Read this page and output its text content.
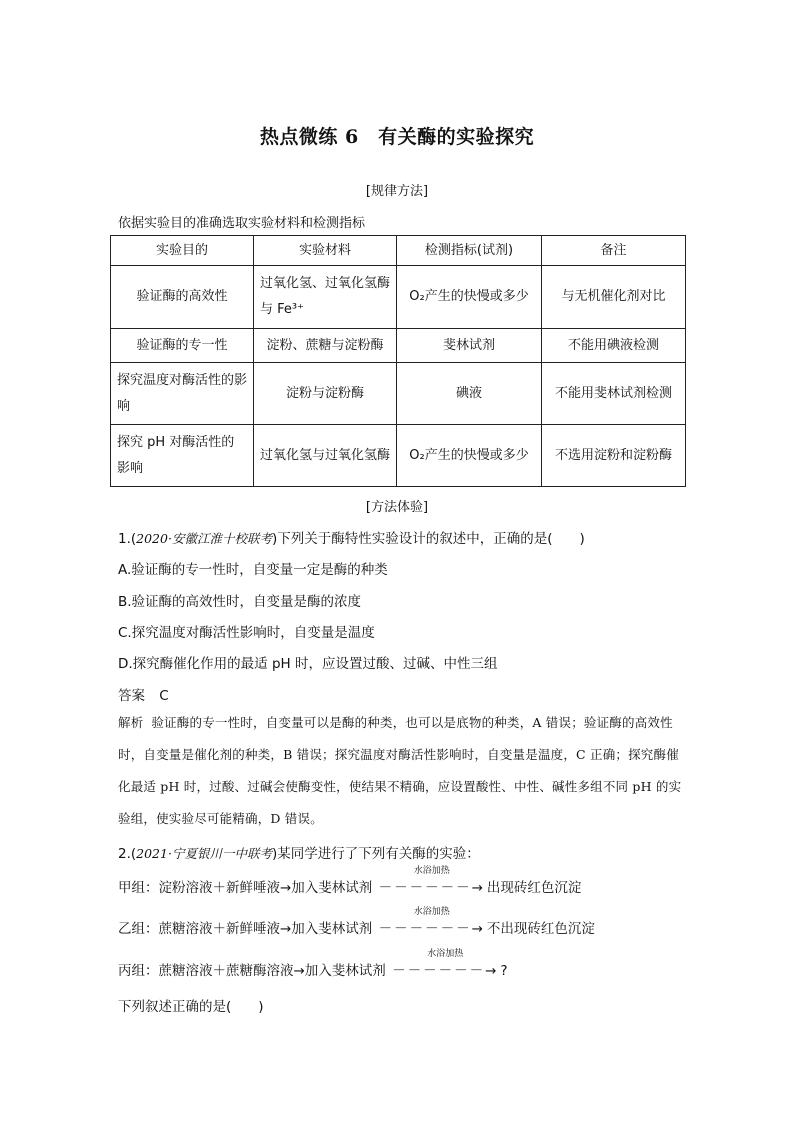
热点微练 6　有关酶的实验探究
[规律方法]
依据实验目的准确选取实验材料和检测指标
实验目的	实验材料	检测指标(试剂)	备注
验证酶的高效性	过氧化氢、过氧化氢酶与 Fe³⁺	O₂产生的快慢或多少	与无机催化剂对比
验证酶的专一性	淀粉、蔗糖与淀粉酶	斐林试剂	不能用碘液检测
探究温度对酶活性的影响	淀粉与淀粉酶	碘液	不能用斐林试剂检测
探究 pH 对酶活性的影响	过氧化氢与过氧化氢酶	O₂产生的快慢或多少	不选用淀粉和淀粉酶
[方法体验]
1.(2020·安徽江淮十校联考)下列关于酶特性实验设计的叙述中，正确的是(　　)
A.验证酶的专一性时，自变量一定是酶的种类
B.验证酶的高效性时，自变量是酶的浓度
C.探究温度对酶活性影响时，自变量是温度
D.探究酶催化作用的最适 pH 时，应设置过酸、过碱、中性三组
答案 C
解析 验证酶的专一性时，自变量可以是酶的种类，也可以是底物的种类，A 错误；验证酶的高效性时，自变量是催化剂的种类，B 错误；探究温度对酶活性影响时，自变量是温度，C 正确；探究酶催化最适 pH 时，过酸、过碱会使酶变性，使结果不精确，应设置酸性、中性、碱性多组不同 pH 的实验组，使实验尽可能精确，D 错误。
2.(2021·宁夏银川一中联考)某同学进行了下列有关酶的实验：
甲组：淀粉溶液＋新鲜唾液→加入斐林试剂
水浴加热
－－－－－－→ 出现砖红色沉淀
乙组：蔗糖溶液＋新鲜唾液→加入斐林试剂
水浴加热
－－－－－－→ 不出现砖红色沉淀
丙组：蔗糖溶液＋蔗糖酶溶液→加入斐林试剂
水浴加热
－－－－－－→ ?
下列叙述正确的是(　　)
